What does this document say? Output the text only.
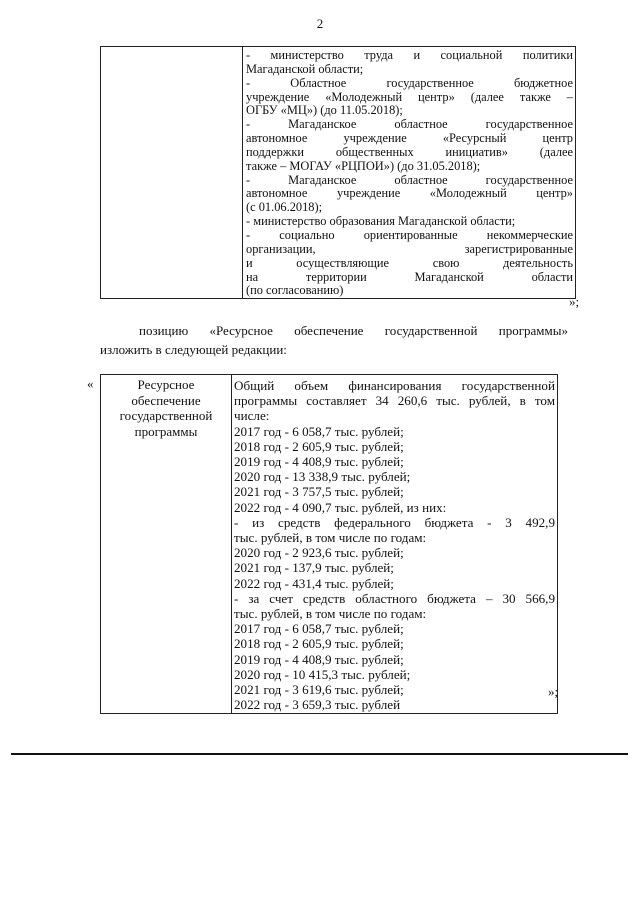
2

- министерство труда и социальной политики
Магаданской области;
- Областное государственное бюджетное
учреждение «Молодежный центр» (далее также –
ОГБУ «МЦ») (до 11.05.2018);
- Магаданское областное государственное
автономное учреждение «Ресурсный центр
поддержки общественных инициатив» (далее
также – МОГАУ «РЦПОИ») (до 31.05.2018);
- Магаданское областное государственное
автономное учреждение «Молодежный центр»
(с 01.06.2018);
- министерство образования Магаданской области;
- социально ориентированные некоммерческие
организации, зарегистрированные
и осуществляющие свою деятельность
на территории Магаданской области
(по согласованию)
»;
позицию «Ресурсное обеспечение государственной программы»
изложить в следующей редакции:
«	Ресурсное
обеспечение
государственной
программы

Общий объем финансирования государственной
программы составляет 34 260,6 тыс. рублей, в том
числе:
2017 год - 6 058,7 тыс. рублей;
2018 год - 2 605,9 тыс. рублей;
2019 год - 4 408,9 тыс. рублей;
2020 год - 13 338,9 тыс. рублей;
2021 год - 3 757,5 тыс. рублей;
2022 год - 4 090,7 тыс. рублей, из них:
- из средств федерального бюджета - 3 492,9
тыс. рублей, в том числе по годам:
2020 год - 2 923,6 тыс. рублей;
2021 год - 137,9 тыс. рублей;
2022 год - 431,4 тыс. рублей;
- за счет средств областного бюджета – 30 566,9
тыс. рублей, в том числе по годам:
2017 год - 6 058,7 тыс. рублей;
2018 год - 2 605,9 тыс. рублей;
2019 год - 4 408,9 тыс. рублей;
2020 год - 10 415,3 тыс. рублей;
2021 год - 3 619,6 тыс. рублей;
2022 год - 3 659,3 тыс. рублей
»;
